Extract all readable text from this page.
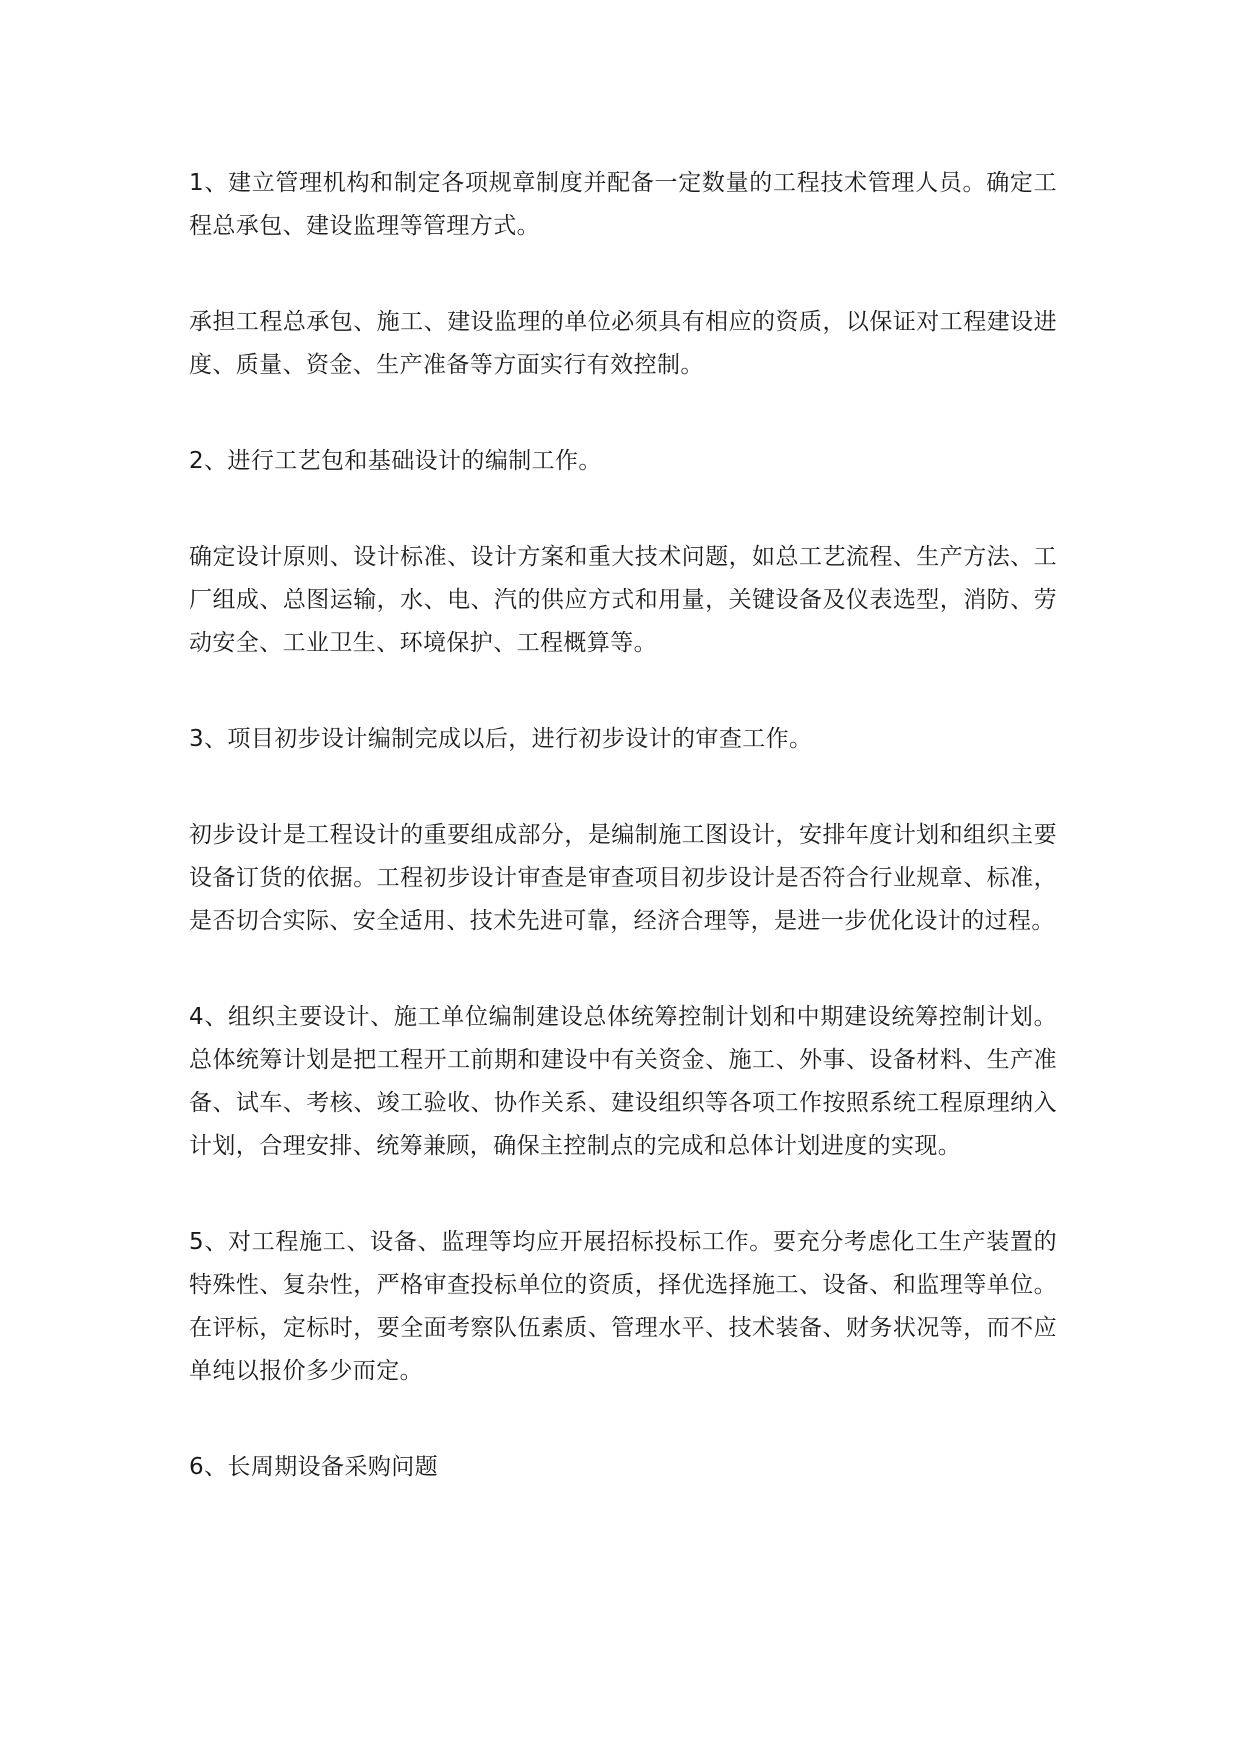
1、建立管理机构和制定各项规章制度并配备一定数量的工程技术管理人员。确定工程总承包、建设监理等管理方式。

承担工程总承包、施工、建设监理的单位必须具有相应的资质，以保证对工程建设进度、质量、资金、生产准备等方面实行有效控制。

2、进行工艺包和基础设计的编制工作。

确定设计原则、设计标准、设计方案和重大技术问题，如总工艺流程、生产方法、工厂组成、总图运输，水、电、汽的供应方式和用量，关键设备及仪表选型，消防、劳动安全、工业卫生、环境保护、工程概算等。

3、项目初步设计编制完成以后，进行初步设计的审查工作。

初步设计是工程设计的重要组成部分，是编制施工图设计，安排年度计划和组织主要设备订货的依据。工程初步设计审查是审查项目初步设计是否符合行业规章、标准，是否切合实际、安全适用、技术先进可靠，经济合理等，是进一步优化设计的过程。

4、组织主要设计、施工单位编制建设总体统筹控制计划和中期建设统筹控制计划。总体统筹计划是把工程开工前期和建设中有关资金、施工、外事、设备材料、生产准备、试车、考核、竣工验收、协作关系、建设组织等各项工作按照系统工程原理纳入计划，合理安排、统筹兼顾，确保主控制点的完成和总体计划进度的实现。

5、对工程施工、设备、监理等均应开展招标投标工作。要充分考虑化工生产装置的特殊性、复杂性，严格审查投标单位的资质，择优选择施工、设备、和监理等单位。在评标，定标时，要全面考察队伍素质、管理水平、技术装备、财务状况等，而不应单纯以报价多少而定。

6、长周期设备采购问题
